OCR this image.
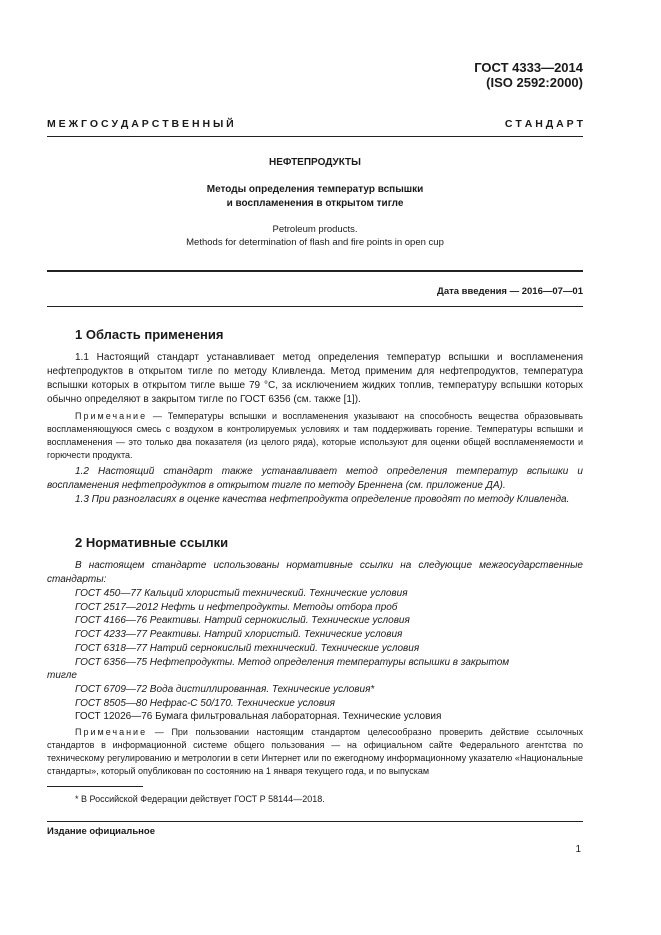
ГОСТ 4333—2014
(ISO 2592:2000)
М Е Ж Г О С У Д А Р С Т В Е Н Н Ы Й	С Т А Н Д А Р Т
НЕФТЕПРОДУКТЫ
Методы определения температур вспышки
и воспламенения в открытом тигле
Petroleum products.
Methods for determination of flash and fire points in open cup
Дата введения — 2016—07—01
1 Область применения

1.1 Настоящий стандарт устанавливает метод определения температур вспышки и воспламенения нефтепродуктов в открытом тигле по методу Кливленда. Метод применим для нефтепродуктов, температура вспышки которых в открытом тигле выше 79 °С, за исключением жидких топлив, температуру вспышки которых обычно определяют в закрытом тигле по ГОСТ 6356 (см. также [1]).

Примечание — Температуры вспышки и воспламенения указывают на способность вещества образовывать воспламеняющуюся смесь с воздухом в контролируемых условиях и там поддерживать горение. Температуры вспышки и воспламенения — это только два показателя (из целого ряда), которые используют для оценки общей воспламеняемости и горючести продукта.

1.2 Настоящий стандарт также устанавливает метод определения температур вспышки и воспламенения нефтепродуктов в открытом тигле по методу Бреннена (см. приложение ДА).

1.3 При разногласиях в оценке качества нефтепродукта определение проводят по методу Кливленда.

2 Нормативные ссылки

В настоящем стандарте использованы нормативные ссылки на следующие межгосударственные стандарты:

ГОСТ 450—77 Кальций хлористый технический. Технические условия
ГОСТ 2517—2012 Нефть и нефтепродукты. Методы отбора проб
ГОСТ 4166—76 Реактивы. Натрий сернокислый. Технические условия
ГОСТ 4233—77 Реактивы. Натрий хлористый. Технические условия
ГОСТ 6318—77 Натрий сернокислый технический. Технические условия
ГОСТ 6356—75 Нефтепродукты. Метод определения температуры вспышки в закрытом
тигле
ГОСТ 6709—72 Вода дистиллированная. Технические условия*
ГОСТ 8505—80 Нефрас-С 50/170. Технические условия
ГОСТ 12026—76 Бумага фильтровальная лабораторная. Технические условия

Примечание — При пользовании настоящим стандартом целесообразно проверить действие ссылочных стандартов в информационной системе общего пользования — на официальном сайте Федерального агентства по техническому регулированию и метрологии в сети Интернет или по ежегодному информационному указателю «Национальные стандарты», который опубликован по состоянию на 1 января текущего года, и по выпускам

* В Российской Федерации действует ГОСТ Р 58144—2018.
Издание официальное
1
